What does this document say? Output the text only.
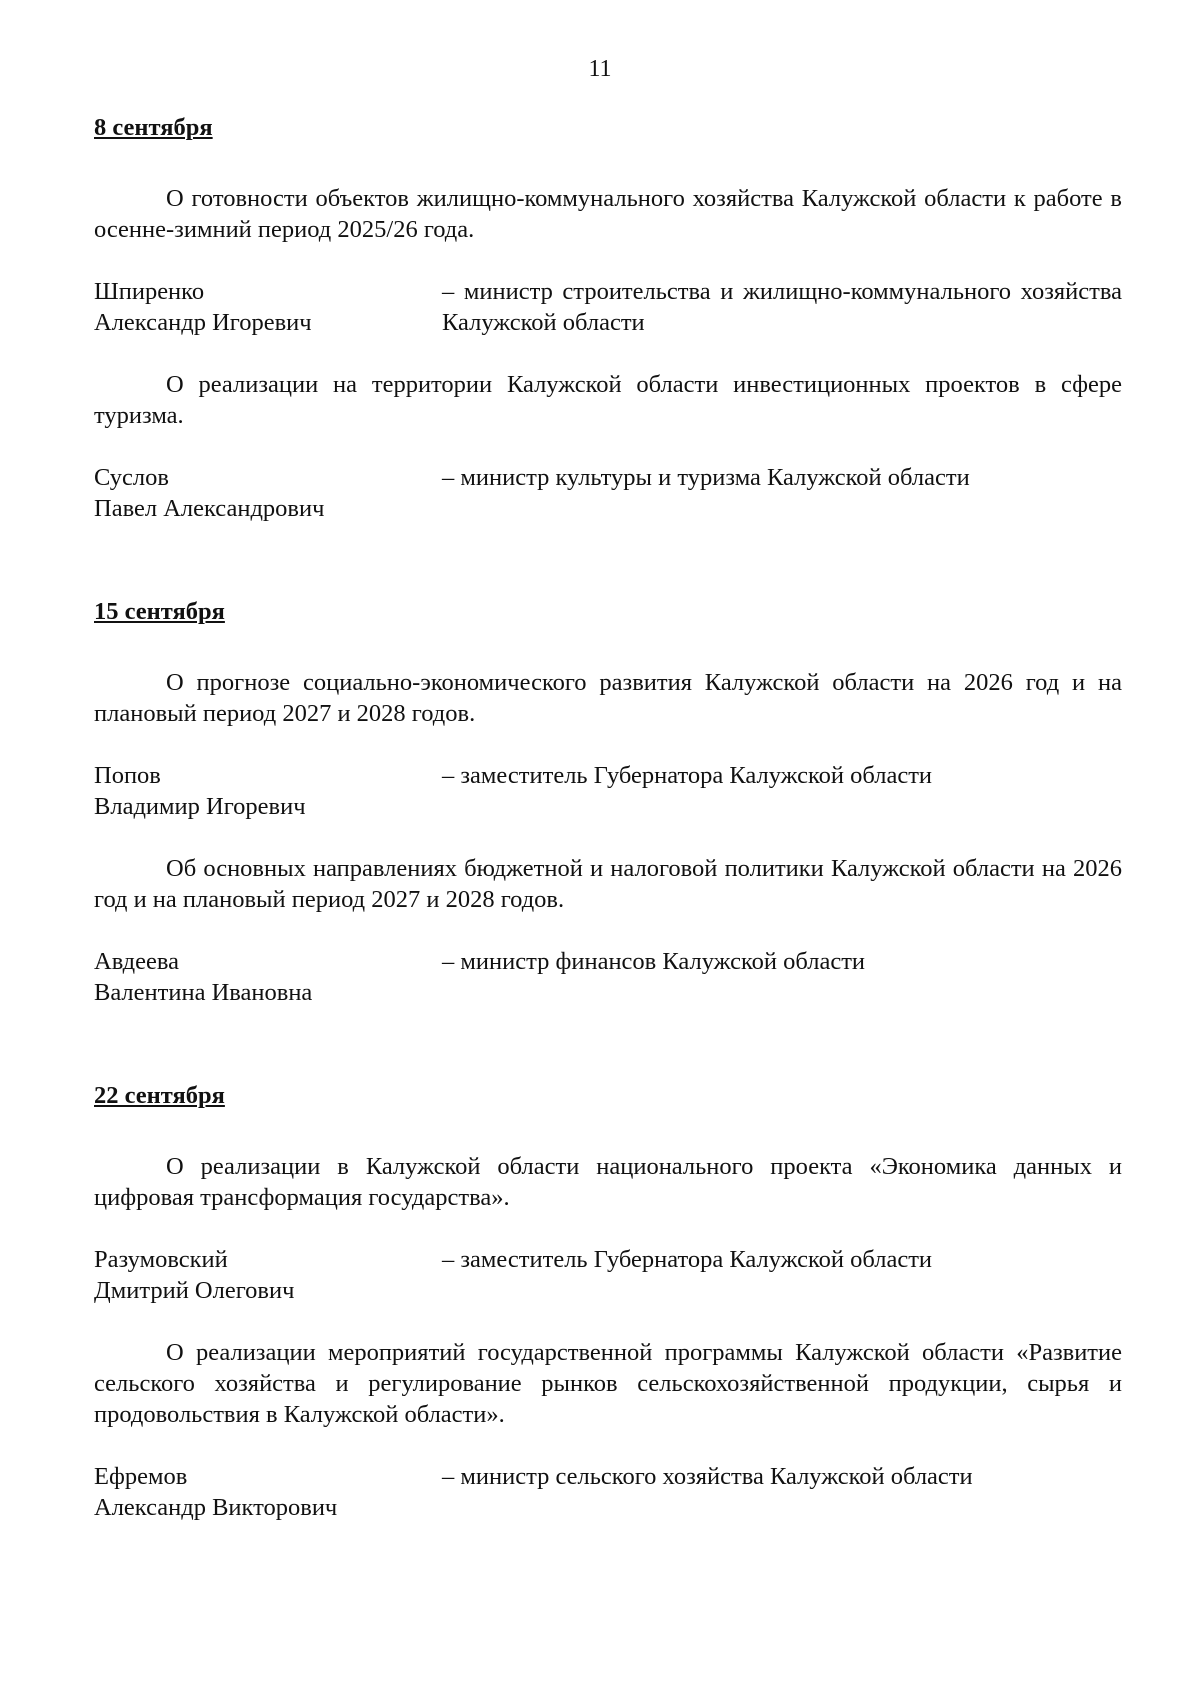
11

8 сентября

О готовности объектов жилищно-коммунального хозяйства Калужской области к работе в осенне-зимний период 2025/26 года.

Шпиренко
Александр Игоревич
– министр строительства и жилищно-коммунального хозяйства Калужской области

О реализации на территории Калужской области инвестиционных проектов в сфере туризма.

Суслов
Павел Александрович
– министр культуры и туризма Калужской области

15 сентября

О прогнозе социально-экономического развития Калужской области на 2026 год и на плановый период 2027 и 2028 годов.

Попов
Владимир Игоревич
– заместитель Губернатора Калужской области

Об основных направлениях бюджетной и налоговой политики Калужской области на 2026 год и на плановый период 2027 и 2028 годов.

Авдеева
Валентина Ивановна
– министр финансов Калужской области

22 сентября

О реализации в Калужской области национального проекта «Экономика данных и цифровая трансформация государства».

Разумовский
Дмитрий Олегович
– заместитель Губернатора Калужской области

О реализации мероприятий государственной программы Калужской области «Развитие сельского хозяйства и регулирование рынков сельскохозяйственной продукции, сырья и продовольствия в Калужской области».

Ефремов
Александр Викторович
– министр сельского хозяйства Калужской области
